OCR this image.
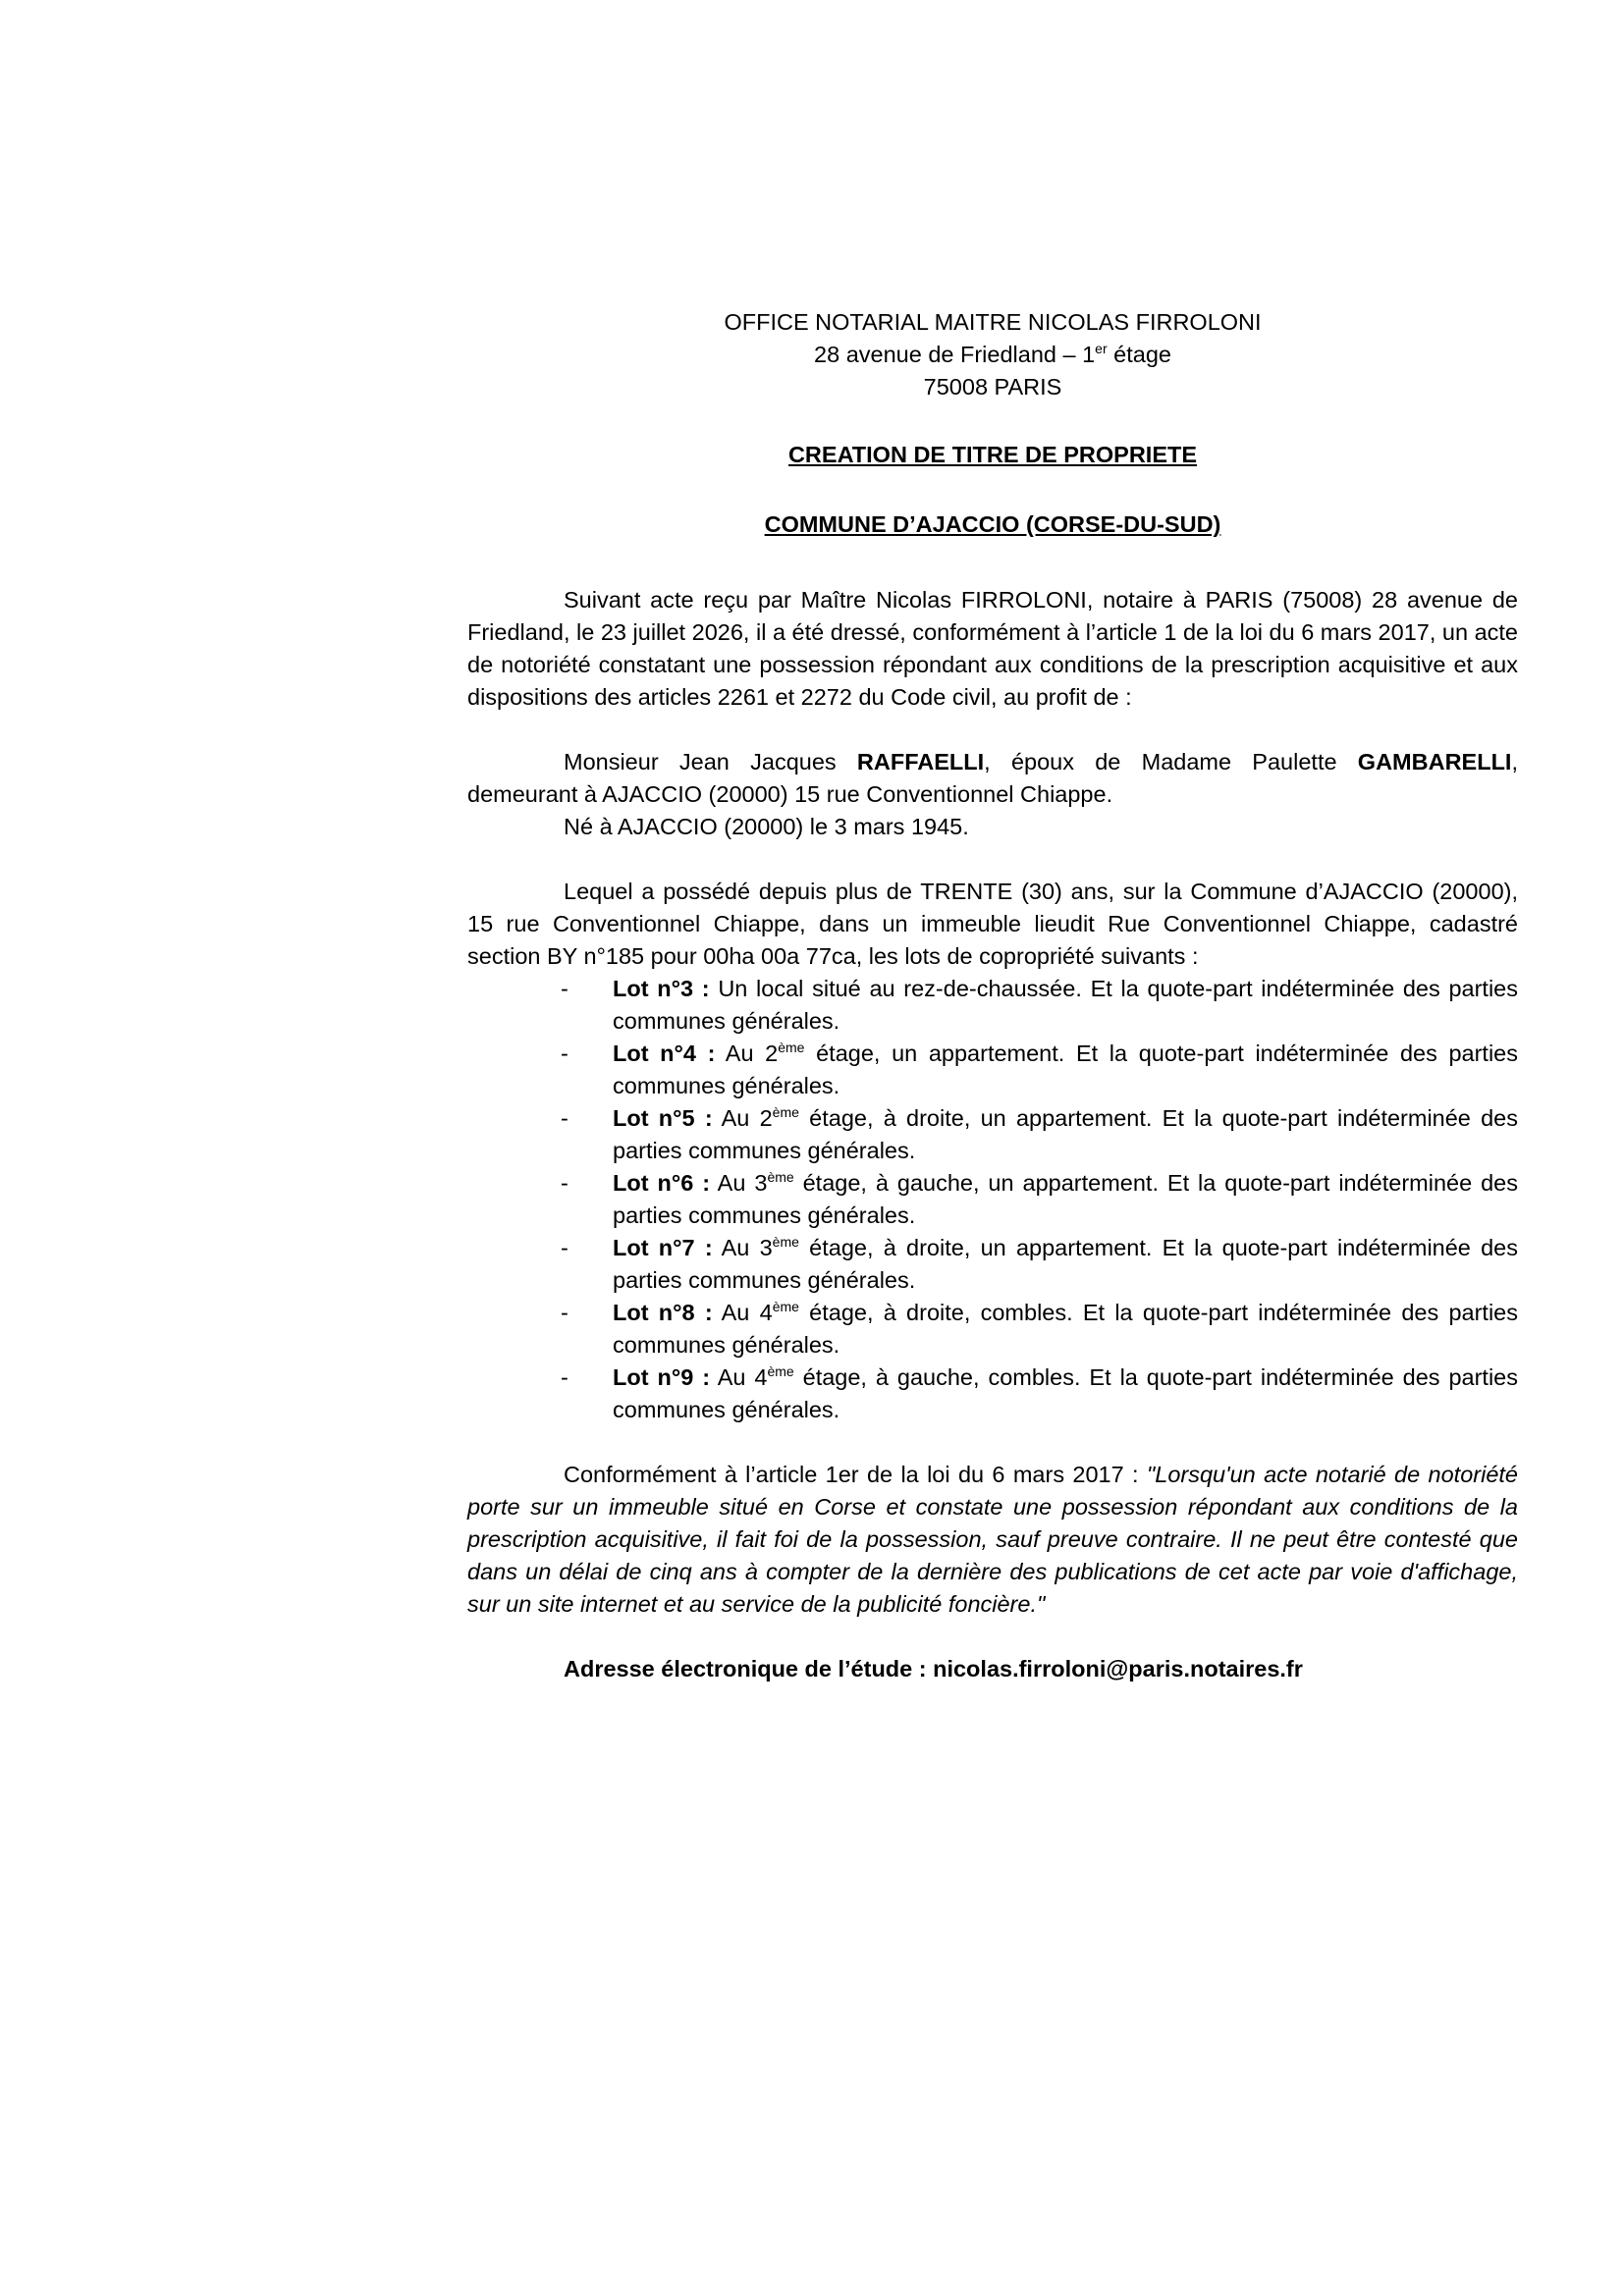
OFFICE NOTARIAL MAITRE NICOLAS FIRROLONI
28 avenue de Friedland – 1er étage
75008 PARIS
CREATION DE TITRE DE PROPRIETE
COMMUNE D’AJACCIO (CORSE-DU-SUD)

Suivant acte reçu par Maître Nicolas FIRROLONI, notaire à PARIS (75008) 28 avenue de Friedland, le 23 juillet 2026, il a été dressé, conformément à l’article 1 de la loi du 6 mars 2017, un acte de notoriété constatant une possession répondant aux conditions de la prescription acquisitive et aux dispositions des articles 2261 et 2272 du Code civil, au profit de :

Monsieur Jean Jacques RAFFAELLI, époux de Madame Paulette GAMBARELLI, demeurant à AJACCIO (20000) 15 rue Conventionnel Chiappe.

Né à AJACCIO (20000) le 3 mars 1945.

Lequel a possédé depuis plus de TRENTE (30) ans, sur la Commune d’AJACCIO (20000), 15 rue Conventionnel Chiappe, dans un immeuble lieudit Rue Conventionnel Chiappe, cadastré section BY n°185 pour 00ha 00a 77ca, les lots de copropriété suivants :

- Lot n°3 : Un local situé au rez-de-chaussée. Et la quote-part indéterminée des parties communes générales.
- Lot n°4 : Au 2ème étage, un appartement. Et la quote-part indéterminée des parties communes générales.
- Lot n°5 : Au 2ème étage, à droite, un appartement. Et la quote-part indéterminée des parties communes générales.
- Lot n°6 : Au 3ème étage, à gauche, un appartement. Et la quote-part indéterminée des parties communes générales.
- Lot n°7 : Au 3ème étage, à droite, un appartement. Et la quote-part indéterminée des parties communes générales.
- Lot n°8 : Au 4ème étage, à droite, combles. Et la quote-part indéterminée des parties communes générales.
- Lot n°9 : Au 4ème étage, à gauche, combles. Et la quote-part indéterminée des parties communes générales.

Conformément à l’article 1er de la loi du 6 mars 2017 : "Lorsqu'un acte notarié de notoriété porte sur un immeuble situé en Corse et constate une possession répondant aux conditions de la prescription acquisitive, il fait foi de la possession, sauf preuve contraire. Il ne peut être contesté que dans un délai de cinq ans à compter de la dernière des publications de cet acte par voie d'affichage, sur un site internet et au service de la publicité foncière."

Adresse électronique de l’étude : nicolas.firroloni@paris.notaires.fr
